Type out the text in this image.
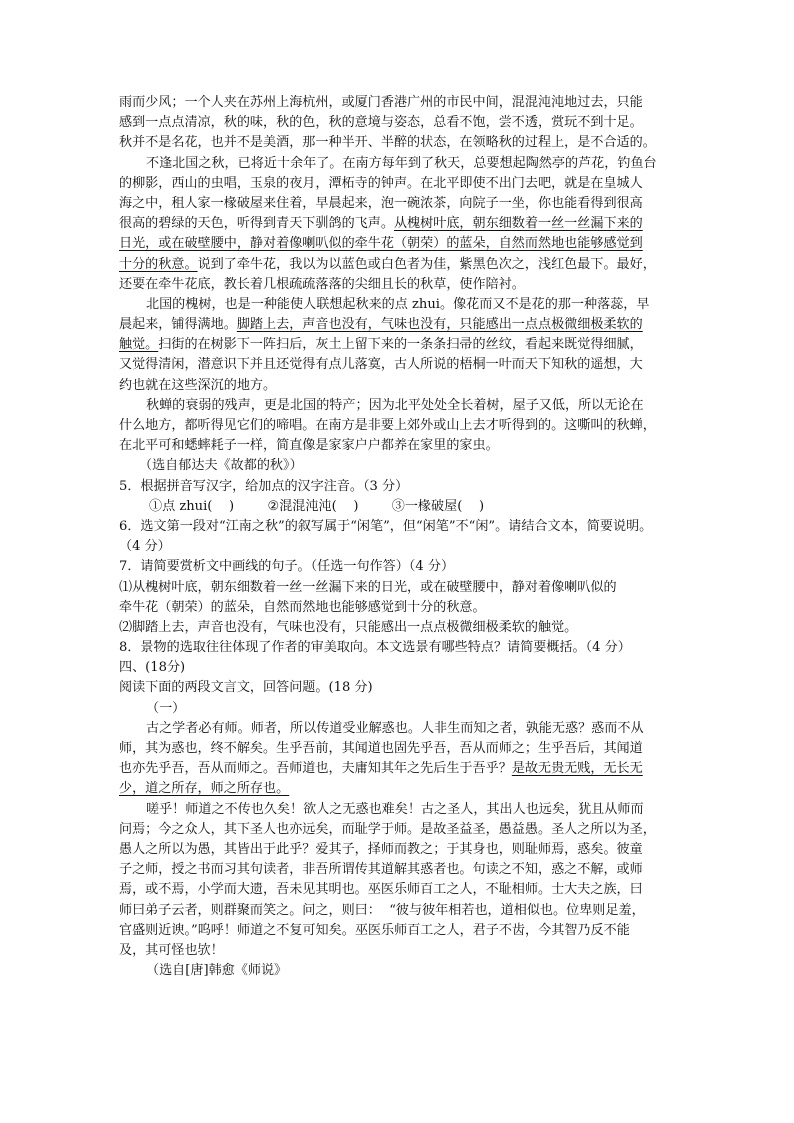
雨而少风；一个人夹在苏州上海杭州，或厦门香港广州的市民中间，混混沌沌地过去，只能
感到一点点清凉，秋的味，秋的色，秋的意境与姿态，总看不饱，尝不透，赏玩不到十足。
秋并不是名花，也并不是美酒，那一种半开、半醉的状态，在领略秋的过程上，是不合适的。
不逢北国之秋，已将近十余年了。在南方每年到了秋天，总要想起陶然亭的芦花，钓鱼台
的柳影，西山的虫唱，玉泉的夜月，潭柘寺的钟声。在北平即使不出门去吧，就是在皇城人
海之中，租人家一椽破屋来住着，早晨起来，泡一碗浓茶，向院子一坐，你也能看得到很高
很高的碧绿的天色，听得到青天下驯鸽的飞声。从槐树叶底，朝东细数着一丝一丝漏下来的
日光，或在破壁腰中，静对着像喇叭似的牵牛花（朝荣）的蓝朵，自然而然地也能够感觉到
十分的秋意。说到了牵牛花，我以为以蓝色或白色者为佳，紫黑色次之，浅红色最下。最好，
还要在牵牛花底，教长着几根疏疏落落的尖细且长的秋草，使作陪衬。
北国的槐树，也是一种能使人联想起秋来的点 zhui。像花而又不是花的那一种落蕊，早
晨起来，铺得满地。脚踏上去，声音也没有，气味也没有，只能感出一点点极微细极柔软的
触觉。扫街的在树影下一阵扫后，灰土上留下来的一条条扫帚的丝纹，看起来既觉得细腻，
又觉得清闲，潜意识下并且还觉得有点儿落寞，古人所说的梧桐一叶而天下知秋的遥想，大
约也就在这些深沉的地方。
秋蝉的衰弱的残声，更是北国的特产；因为北平处处全长着树，屋子又低，所以无论在
什么地方，都听得见它们的啼唱。在南方是非要上郊外或山上去才听得到的。这嘶叫的秋蝉，
在北平可和蟋蟀耗子一样，简直像是家家户户都养在家里的家虫。
（选自郁达夫《故都的秋》）
5．根据拼音写汉字，给加点的汉字注音。（3 分）
①点 zhui(    )        ②混混沌沌(    )        ③一椽破屋(    )
6．选文第一段对“江南之秋”的叙写属于“闲笔”，但“闲笔”不“闲”。请结合文本，简要说明。
（4 分）
7．请简要赏析文中画线的句子。（任选一句作答）（4 分）
⑴从槐树叶底，朝东细数着一丝一丝漏下来的日光，或在破壁腰中，静对着像喇叭似的
牵牛花（朝荣）的蓝朵，自然而然地也能够感觉到十分的秋意。
⑵脚踏上去，声音也没有，气味也没有，只能感出一点点极微细极柔软的触觉。
8．景物的选取往往体现了作者的审美取向。本文选景有哪些特点？请简要概括。（4 分）
四、(18分)
阅读下面的两段文言文，回答问题。(18 分)
（一）
古之学者必有师。师者，所以传道受业解惑也。人非生而知之者，孰能无惑？惑而不从
师，其为惑也，终不解矣。生乎吾前，其闻道也固先乎吾，吾从而师之；生乎吾后，其闻道
也亦先乎吾，吾从而师之。吾师道也，夫庸知其年之先后生于吾乎？是故无贵无贱，无长无
少，道之所存，师之所存也。
嗟乎！师道之不传也久矣！欲人之无惑也难矣！古之圣人，其出人也远矣，犹且从师而
问焉；今之众人，其下圣人也亦远矣，而耻学于师。是故圣益圣，愚益愚。圣人之所以为圣，
愚人之所以为愚，其皆出于此乎？爱其子，择师而教之；于其身也，则耻师焉，惑矣。彼童
子之师，授之书而习其句读者，非吾所谓传其道解其惑者也。句读之不知，惑之不解，或师
焉，或不焉，小学而大遗，吾未见其明也。巫医乐师百工之人，不耻相师。士大夫之族，曰
师曰弟子云者，则群聚而笑之。问之，则曰：  “彼与彼年相若也，道相似也。位卑则足羞，
官盛则近谀。”呜呼！师道之不复可知矣。巫医乐师百工之人，君子不齿，今其智乃反不能
及，其可怪也欤！
（选自[唐]韩愈《师说》
